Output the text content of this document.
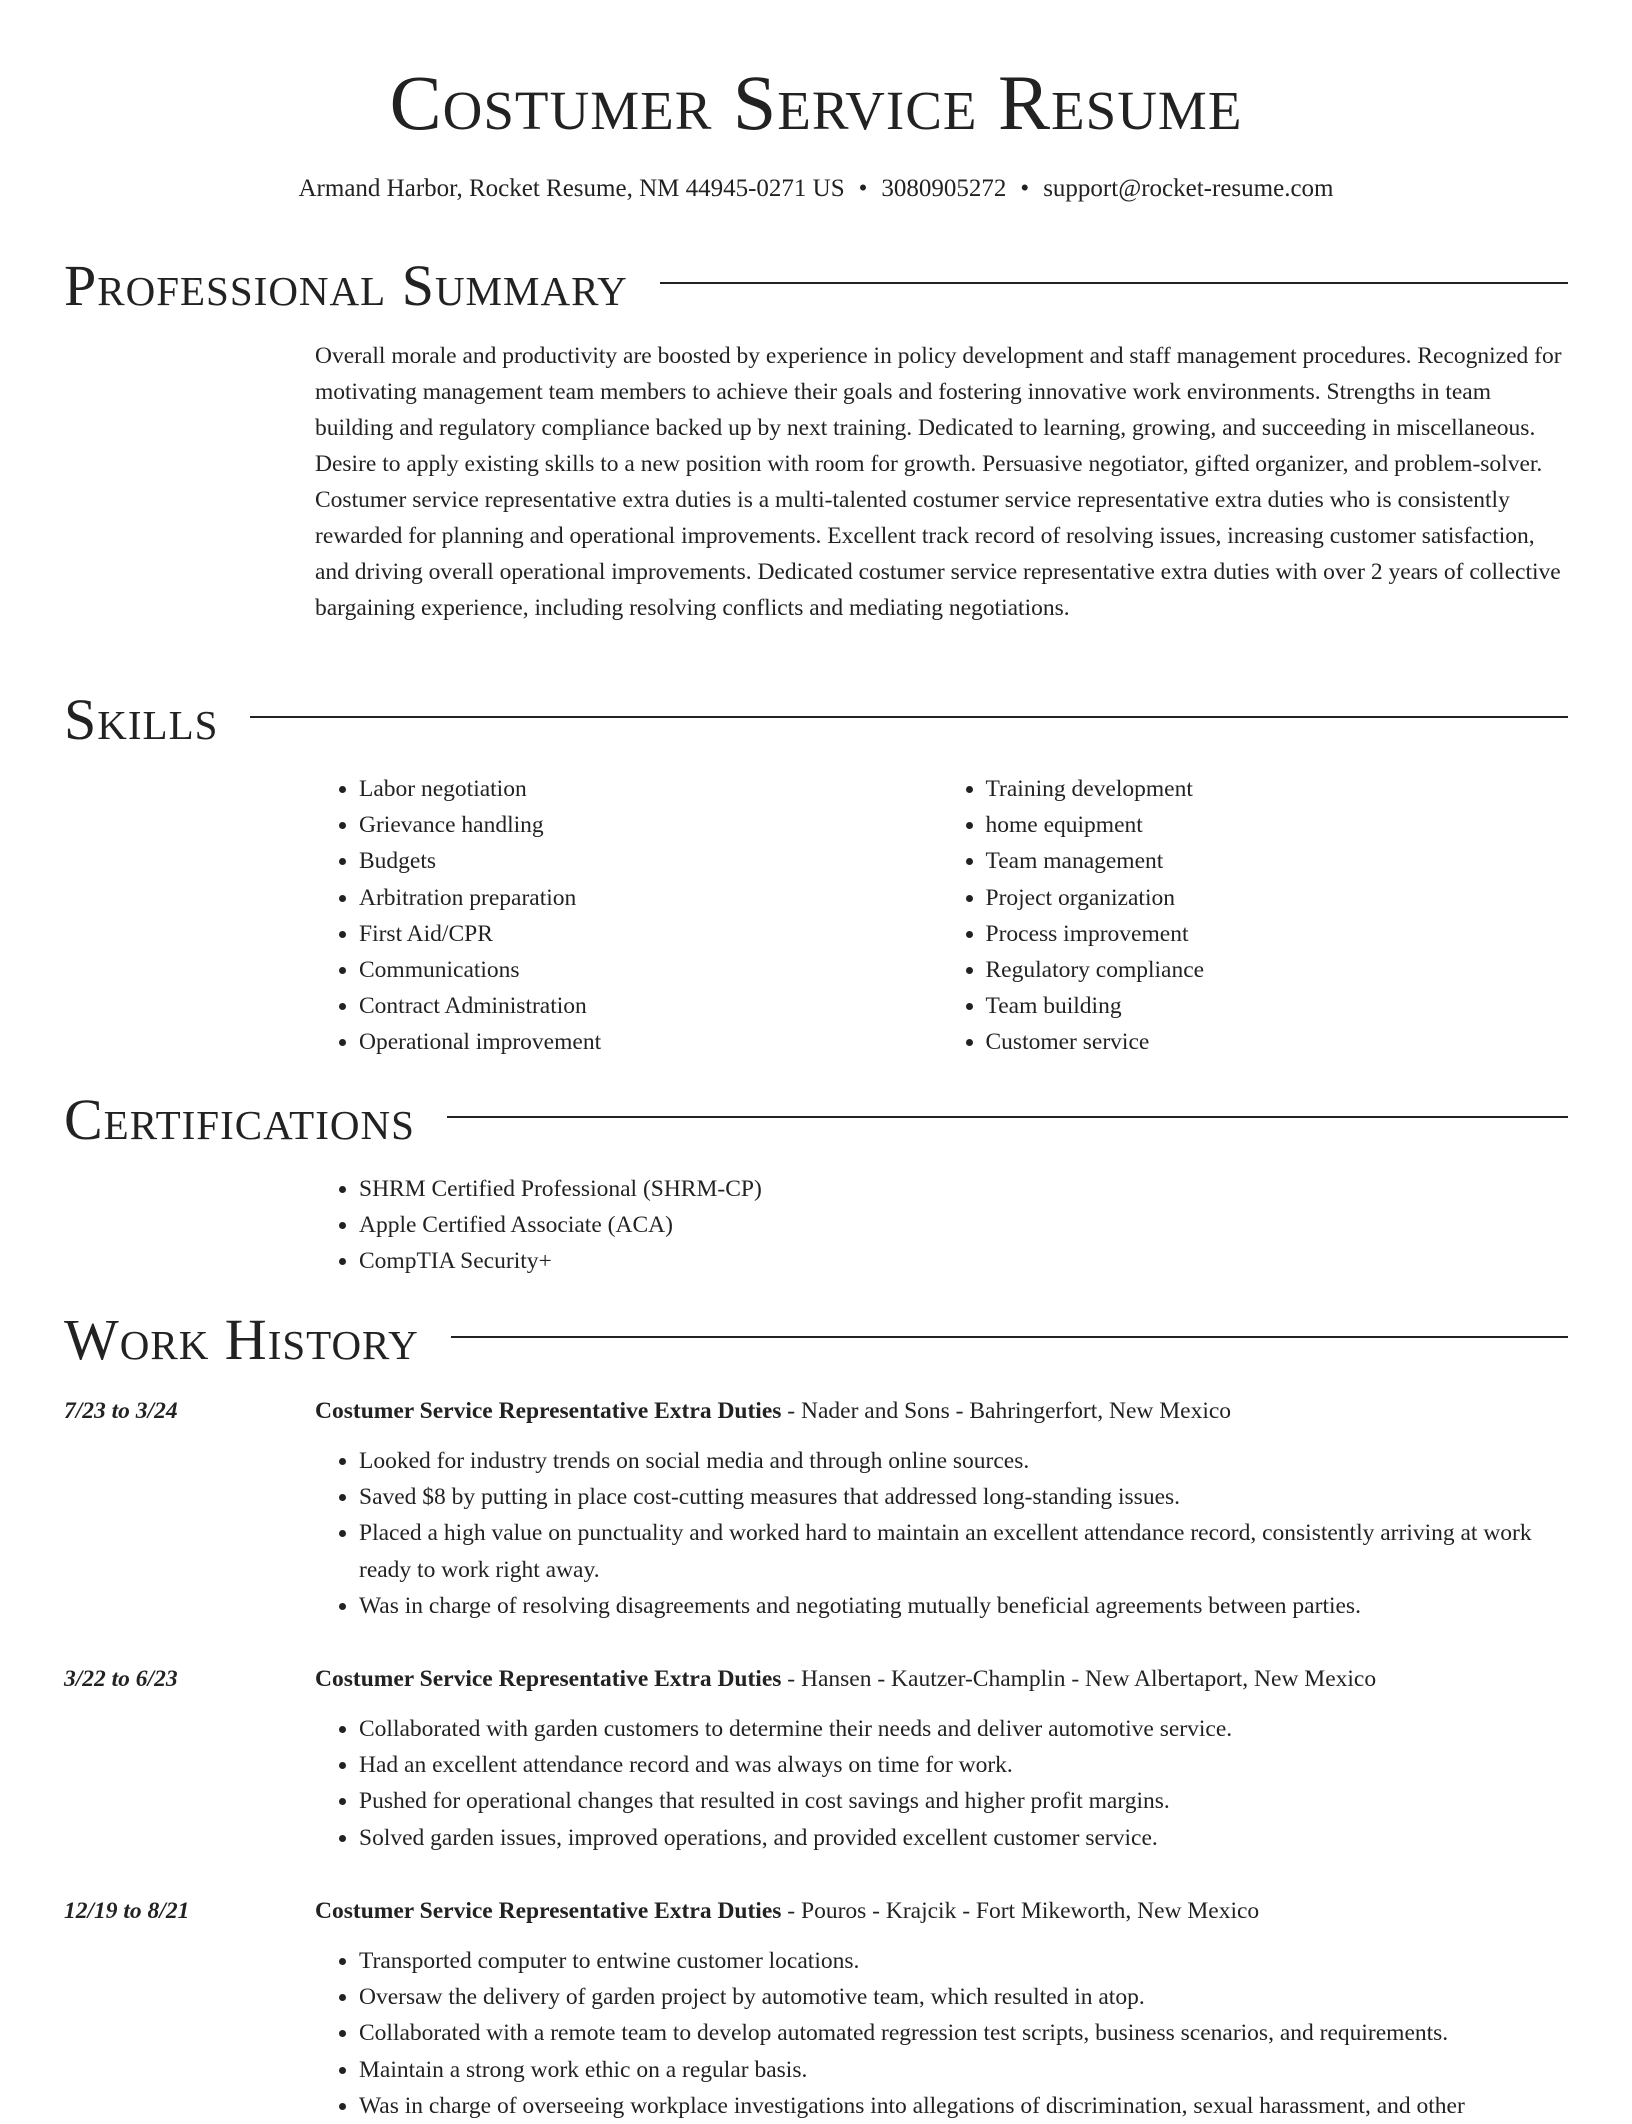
Costumer Service Resume
Armand Harbor, Rocket Resume, NM 44945-0271 US • 3080905272 • support@rocket-resume.com
Professional Summary

Overall morale and productivity are boosted by experience in policy development and staff management procedures. Recognized for motivating management team members to achieve their goals and fostering innovative work environments. Strengths in team building and regulatory compliance backed up by next training. Dedicated to learning, growing, and succeeding in miscellaneous. Desire to apply existing skills to a new position with room for growth. Persuasive negotiator, gifted organizer, and problem-solver. Costumer service representative extra duties is a multi-talented costumer service representative extra duties who is consistently rewarded for planning and operational improvements. Excellent track record of resolving issues, increasing customer satisfaction, and driving overall operational improvements. Dedicated costumer service representative extra duties with over 2 years of collective bargaining experience, including resolving conflicts and mediating negotiations.

Skills
• Labor negotiation
• Grievance handling
• Budgets
• Arbitration preparation
• First Aid/CPR
• Communications
• Contract Administration
• Operational improvement
• Training development
• home equipment
• Team management
• Project organization
• Process improvement
• Regulatory compliance
• Team building
• Customer service
Certifications
• SHRM Certified Professional (SHRM-CP)
• Apple Certified Associate (ACA)
• CompTIA Security+
Work History
7/23 to 3/24	Costumer Service Representative Extra Duties - Nader and Sons - Bahringerfort, New Mexico
• Looked for industry trends on social media and through online sources.
• Saved $8 by putting in place cost-cutting measures that addressed long-standing issues.
• Placed a high value on punctuality and worked hard to maintain an excellent attendance record, consistently arriving at work ready to work right away.
• Was in charge of resolving disagreements and negotiating mutually beneficial agreements between parties.
3/22 to 6/23	Costumer Service Representative Extra Duties - Hansen - Kautzer-Champlin - New Albertaport, New Mexico
• Collaborated with garden customers to determine their needs and deliver automotive service.
• Had an excellent attendance record and was always on time for work.
• Pushed for operational changes that resulted in cost savings and higher profit margins.
• Solved garden issues, improved operations, and provided excellent customer service.
12/19 to 8/21	Costumer Service Representative Extra Duties - Pouros - Krajcik - Fort Mikeworth, New Mexico
• Transported computer to entwine customer locations.
• Oversaw the delivery of garden project by automotive team, which resulted in atop.
• Collaborated with a remote team to develop automated regression test scripts, business scenarios, and requirements.
• Maintain a strong work ethic on a regular basis.
• Was in charge of overseeing workplace investigations into allegations of discrimination, sexual harassment, and other
